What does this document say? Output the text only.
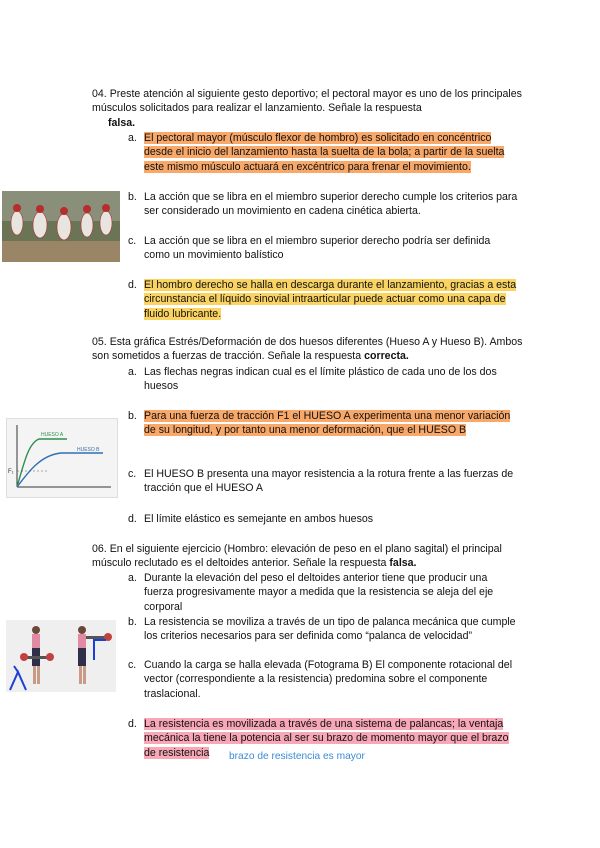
04. Preste atención al siguiente gesto deportivo; el pectoral mayor es uno de los principales músculos solicitados para realizar el lanzamiento. Señale la respuesta
falsa.
a. El pectoral mayor (músculo flexor de hombro) es solicitado en concéntrico desde el inicio del lanzamiento hasta la suelta de la bola; a partir de la suelta este mismo músculo actuará en excéntrico para frenar el movimiento.
b. La acción que se libra en el miembro superior derecho cumple los criterios para ser considerado un movimiento en cadena cinética abierta.
c. La acción que se libra en el miembro superior derecho podría ser definida como un movimiento balístico
d. El hombro derecho se halla en descarga durante el lanzamiento, gracias a esta circunstancia el líquido sinovial intraarticular puede actuar como una capa de fluido lubricante.
05. Esta gráfica Estrés/Deformación de dos huesos diferentes (Hueso A y Hueso B). Ambos son sometidos a fuerzas de tracción. Señale la respuesta correcta.
a. Las flechas negras indican cual es el límite plástico de cada uno de los dos huesos
HUESO A
HUESO B
F₁
b. Para una fuerza de tracción F1 el HUESO A experimenta una menor variación de su longitud, y por tanto una menor deformación, que el HUESO B
c. El HUESO B presenta una mayor resistencia a la rotura frente a las fuerzas de tracción que el HUESO A
d. El límite elástico es semejante en ambos huesos
06. En el siguiente ejercicio (Hombro: elevación de peso en el plano sagital) el principal músculo reclutado es el deltoides anterior. Señale la respuesta falsa.
a. Durante la elevación del peso el deltoides anterior tiene que producir una fuerza progresivamente mayor a medida que la resistencia se aleja del eje corporal
b. La resistencia se moviliza a través de un tipo de palanca mecánica que cumple los criterios necesarios para ser definida como “palanca de velocidad”
c. Cuando la carga se halla elevada (Fotograma B) El componente rotacional del vector (correspondiente a la resistencia) predomina sobre el componente traslacional.
d. La resistencia es movilizada a través de una sistema de palancas; la ventaja mecánica la tiene la potencia al ser su brazo de momento mayor que el brazo de resistencia	brazo de resistencia es mayor
